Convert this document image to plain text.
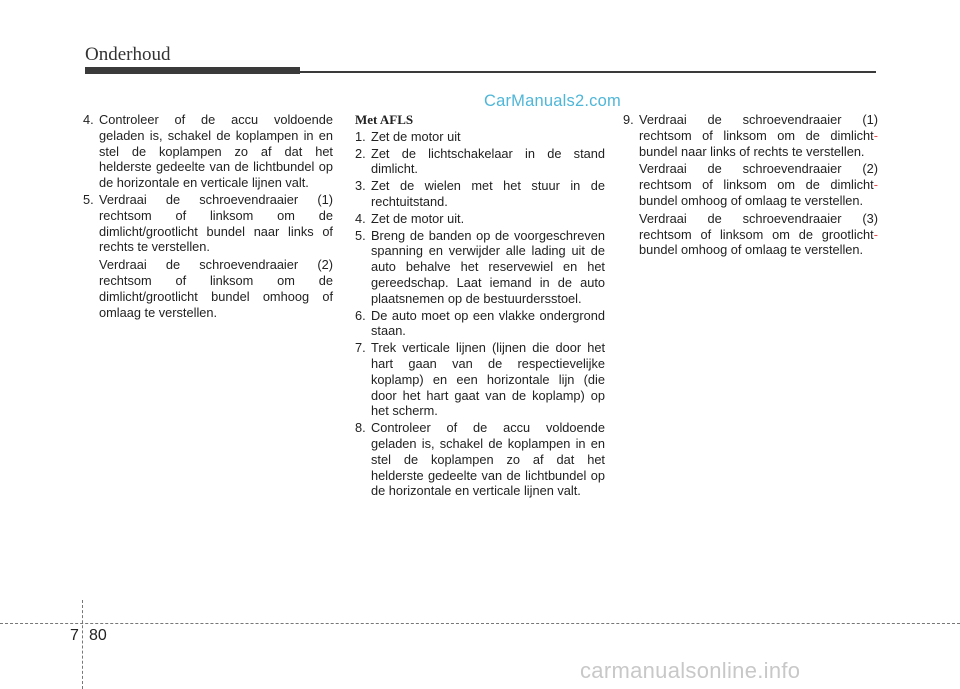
Onderhoud
CarManuals2.com
4. Controleer of de accu voldoende geladen is, schakel de koplampen in en stel de koplampen zo af dat het helderste gedeelte van de lichtbundel op de horizontale en verticale lijnen valt.
5. Verdraai de schroevendraaier (1) rechtsom of linksom om de dimlicht/grootlicht bundel naar links of rechts te verstellen.
Verdraai de schroevendraaier (2) rechtsom of linksom om de dimlicht/grootlicht bundel omhoog of omlaag te verstellen.
Met AFLS
1. Zet de motor uit
2. Zet de lichtschakelaar in de stand dimlicht.
3. Zet de wielen met het stuur in de rechtuitstand.
4. Zet de motor uit.
5. Breng de banden op de voorgeschreven spanning en verwijder alle lading uit de auto behalve het reservewiel en het gereedschap. Laat iemand in de auto plaatsnemen op de bestuurdersstoel.
6. De auto moet op een vlakke ondergrond staan.
7. Trek verticale lijnen (lijnen die door het hart gaan van de respectievelijke koplamp) en een horizontale lijn (die door het hart gaat van de koplamp) op het scherm.
8. Controleer of de accu voldoende geladen is, schakel de koplampen in en stel de koplampen zo af dat het helderste gedeelte van de lichtbundel op de horizontale en verticale lijnen valt.
9. Verdraai de schroevendraaier (1) rechtsom of linksom om de dimlicht- bundel naar links of rechts te verstellen.
Verdraai de schroevendraaier (2) rechtsom of linksom om de dimlicht- bundel omhoog of omlaag te verstellen.
Verdraai de schroevendraaier (3) rechtsom of linksom om de grootlicht- bundel omhoog of omlaag te verstellen.
7 80
carmanualsonline.info
